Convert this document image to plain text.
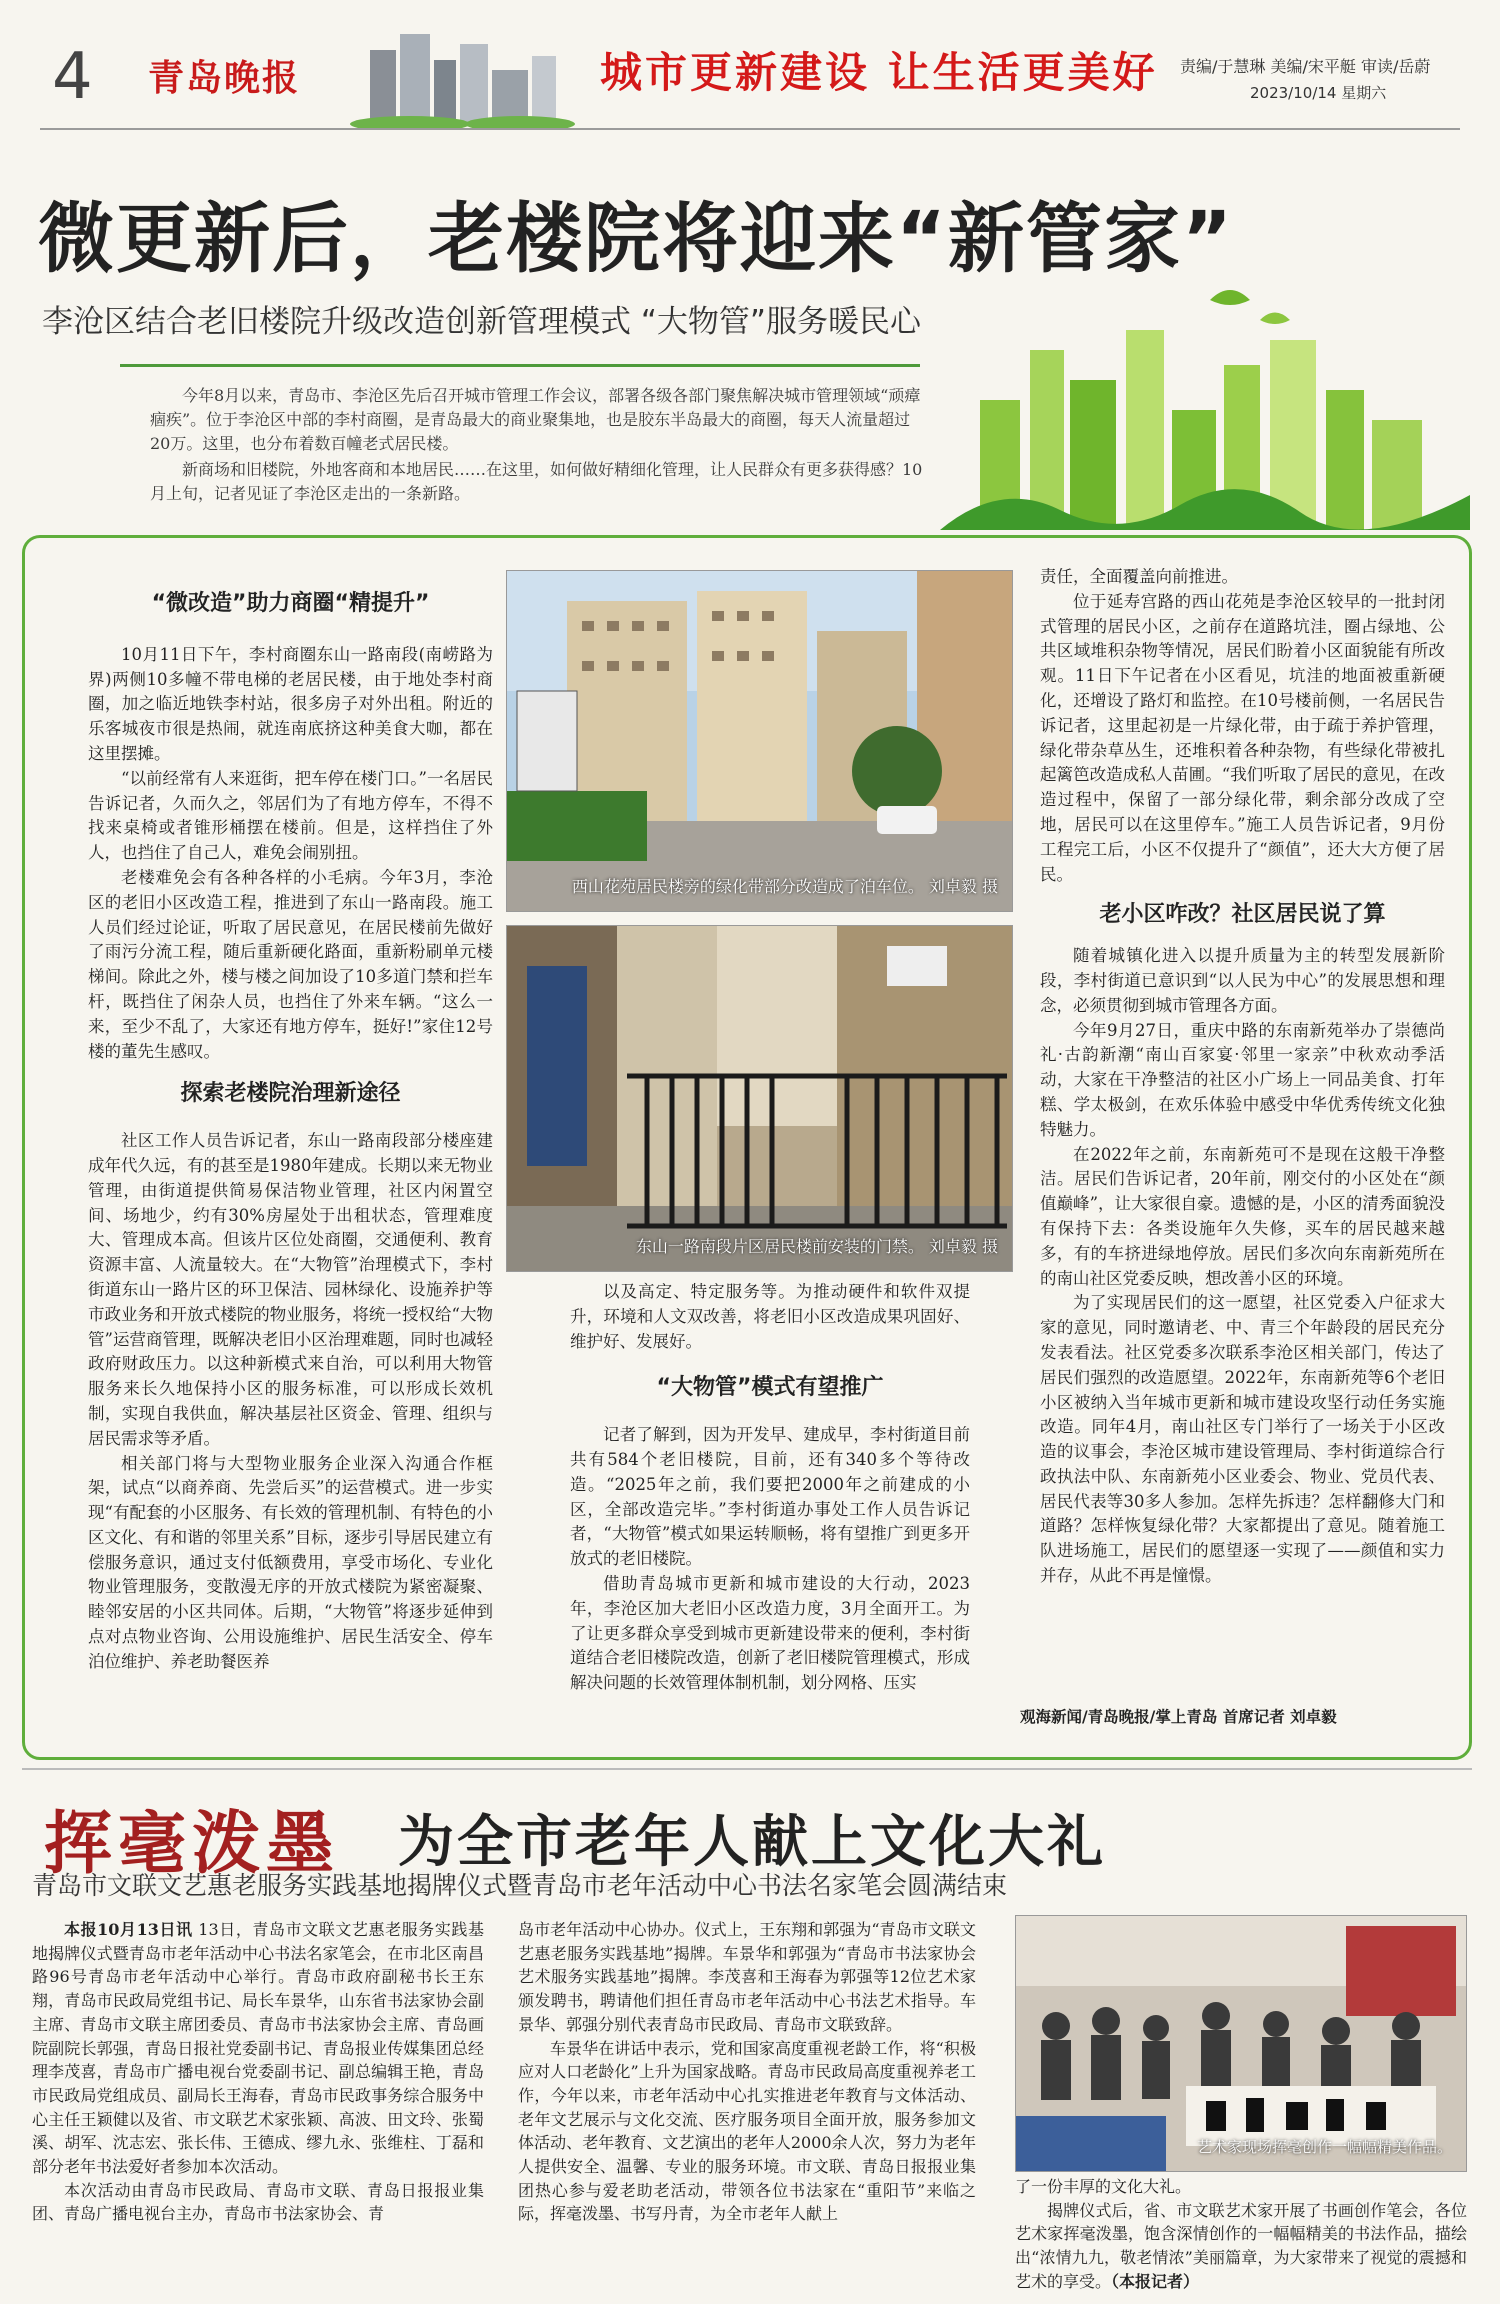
4 青岛晚报	城市更新建设 让生活更美好 责编/于慧琳 美编/宋平艇 审读/岳蔚
2023/10/14 星期六
微更新后，老楼院将迎来“新管家”
李沧区结合老旧楼院升级改造创新管理模式 “大物管”服务暖民心
今年8月以来，青岛市、李沧区先后召开城市管理工作会议，部署各级各部门聚焦解决城市管理领域“顽瘴痼疾”。位于李沧区中部的李村商圈，是青岛最大的商业聚集地，也是胶东半岛最大的商圈，每天人流量超过20万。这里，也分布着数百幢老式居民楼。
新商场和旧楼院，外地客商和本地居民……在这里，如何做好精细化管理，让人民群众有更多获得感？10月上旬，记者见证了李沧区走出的一条新路。
“微改造”助力商圈“精提升”

10月11日下午，李村商圈东山一路南段(南崂路为界)两侧10多幢不带电梯的老居民楼，由于地处李村商圈，加之临近地铁李村站，很多房子对外出租。附近的乐客城夜市很是热闹，就连南底挤这种美食大咖，都在这里摆摊。

“以前经常有人来逛街，把车停在楼门口。”一名居民告诉记者，久而久之，邻居们为了有地方停车，不得不找来桌椅或者锥形桶摆在楼前。但是，这样挡住了外人，也挡住了自己人，难免会闹别扭。

老楼难免会有各种各样的小毛病。今年3月，李沧区的老旧小区改造工程，推进到了东山一路南段。施工人员们经过论证，听取了居民意见，在居民楼前先做好了雨污分流工程，随后重新硬化路面，重新粉刷单元楼梯间。除此之外，楼与楼之间加设了10多道门禁和拦车杆，既挡住了闲杂人员，也挡住了外来车辆。“这么一来，至少不乱了，大家还有地方停车，挺好!”家住12号楼的董先生感叹。

探索老楼院治理新途径

社区工作人员告诉记者，东山一路南段部分楼座建成年代久远，有的甚至是1980年建成。长期以来无物业管理，由街道提供简易保洁物业管理，社区内闲置空间、场地少，约有30%房屋处于出租状态，管理难度大、管理成本高。但该片区位处商圈，交通便利、教育资源丰富、人流量较大。在“大物管”治理模式下，李村街道东山一路片区的环卫保洁、园林绿化、设施养护等市政业务和开放式楼院的物业服务，将统一授权给“大物管”运营商管理，既解决老旧小区治理难题，同时也减轻政府财政压力。以这种新模式来自治，可以利用大物管服务来长久地保持小区的服务标准，可以形成长效机制，实现自我供血，解决基层社区资金、管理、组织与居民需求等矛盾。

相关部门将与大型物业服务企业深入沟通合作框架，试点“以商养商、先尝后买”的运营模式。进一步实现“有配套的小区服务、有长效的管理机制、有特色的小区文化、有和谐的邻里关系”目标，逐步引导居民建立有偿服务意识，通过支付低额费用，享受市场化、专业化物业管理服务，变散漫无序的开放式楼院为紧密凝聚、睦邻安居的小区共同体。后期，“大物管”将逐步延伸到点对点物业咨询、公用设施维护、居民生活安全、停车泊位维护、养老助餐医养

西山花苑居民楼旁的绿化带部分改造成了泊车位。 刘卓毅 摄
东山一路南段片区居民楼前安装的门禁。 刘卓毅 摄

以及高定、特定服务等。为推动硬件和软件双提升，环境和人文双改善，将老旧小区改造成果巩固好、维护好、发展好。

“大物管”模式有望推广

记者了解到，因为开发早、建成早，李村街道目前共有584个老旧楼院，目前，还有340多个等待改造。“2025年之前，我们要把2000年之前建成的小区，全部改造完毕。”李村街道办事处工作人员告诉记者，“大物管”模式如果运转顺畅，将有望推广到更多开放式的老旧楼院。

借助青岛城市更新和城市建设的大行动，2023年，李沧区加大老旧小区改造力度，3月全面开工。为了让更多群众享受到城市更新建设带来的便利，李村街道结合老旧楼院改造，创新了老旧楼院管理模式，形成解决问题的长效管理体制机制，划分网格、压实

责任，全面覆盖向前推进。

位于延寿宫路的西山花苑是李沧区较早的一批封闭式管理的居民小区，之前存在道路坑洼，圈占绿地、公共区域堆积杂物等情况，居民们盼着小区面貌能有所改观。11日下午记者在小区看见，坑洼的地面被重新硬化，还增设了路灯和监控。在10号楼前侧，一名居民告诉记者，这里起初是一片绿化带，由于疏于养护管理，绿化带杂草丛生，还堆积着各种杂物，有些绿化带被扎起篱笆改造成私人苗圃。“我们听取了居民的意见，在改造过程中，保留了一部分绿化带，剩余部分改成了空地，居民可以在这里停车。”施工人员告诉记者，9月份工程完工后，小区不仅提升了“颜值”，还大大方便了居民。

老小区咋改？社区居民说了算

随着城镇化进入以提升质量为主的转型发展新阶段，李村街道已意识到“以人民为中心”的发展思想和理念，必须贯彻到城市管理各方面。

今年9月27日，重庆中路的东南新苑举办了崇德尚礼·古韵新潮“南山百家宴·邻里一家亲”中秋欢动季活动，大家在干净整洁的社区小广场上一同品美食、打年糕、学太极剑，在欢乐体验中感受中华优秀传统文化独特魅力。

在2022年之前，东南新苑可不是现在这般干净整洁。居民们告诉记者，20年前，刚交付的小区处在“颜值巅峰”，让大家很自豪。遗憾的是，小区的清秀面貌没有保持下去：各类设施年久失修，买车的居民越来越多，有的车挤进绿地停放。居民们多次向东南新苑所在的南山社区党委反映，想改善小区的环境。

为了实现居民们的这一愿望，社区党委入户征求大家的意见，同时邀请老、中、青三个年龄段的居民充分发表看法。社区党委多次联系李沧区相关部门，传达了居民们强烈的改造愿望。2022年，东南新苑等6个老旧小区被纳入当年城市更新和城市建设攻坚行动任务实施改造。同年4月，南山社区专门举行了一场关于小区改造的议事会，李沧区城市建设管理局、李村街道综合行政执法中队、东南新苑小区业委会、物业、党员代表、居民代表等30多人参加。怎样先拆违？怎样翻修大门和道路？怎样恢复绿化带？大家都提出了意见。随着施工队进场施工，居民们的愿望逐一实现了——颜值和实力并存，从此不再是憧憬。

观海新闻/青岛晚报/掌上青岛 首席记者 刘卓毅
挥毫泼墨 为全市老年人献上文化大礼
青岛市文联文艺惠老服务实践基地揭牌仪式暨青岛市老年活动中心书法名家笔会圆满结束

本报10月13日讯 13日，青岛市文联文艺惠老服务实践基地揭牌仪式暨青岛市老年活动中心书法名家笔会，在市北区南昌路96号青岛市老年活动中心举行。青岛市政府副秘书长王东翔，青岛市民政局党组书记、局长车景华，山东省书法家协会副主席、青岛市文联主席团委员、青岛市书法家协会主席、青岛画院副院长郭强，青岛日报社党委副书记、青岛报业传媒集团总经理李茂喜，青岛市广播电视台党委副书记、副总编辑王艳，青岛市民政局党组成员、副局长王海春，青岛市民政事务综合服务中心主任王颖健以及省、市文联艺术家张颖、高波、田文玲、张蜀溪、胡军、沈志宏、张长伟、王德成、缪九永、张维柱、丁磊和部分老年书法爱好者参加本次活动。

本次活动由青岛市民政局、青岛市文联、青岛日报报业集团、青岛广播电视台主办，青岛市书法家协会、青

岛市老年活动中心协办。仪式上，王东翔和郭强为“青岛市文联文艺惠老服务实践基地”揭牌。车景华和郭强为“青岛市书法家协会艺术服务实践基地”揭牌。李茂喜和王海春为郭强等12位艺术家颁发聘书，聘请他们担任青岛市老年活动中心书法艺术指导。车景华、郭强分别代表青岛市民政局、青岛市文联致辞。

车景华在讲话中表示，党和国家高度重视老龄工作，将“积极应对人口老龄化”上升为国家战略。青岛市民政局高度重视养老工作，今年以来，市老年活动中心扎实推进老年教育与文体活动、老年文艺展示与文化交流、医疗服务项目全面开放，服务参加文体活动、老年教育、文艺演出的老年人2000余人次，努力为老年人提供安全、温馨、专业的服务环境。市文联、青岛日报报业集团热心参与爱老助老活动，带领各位书法家在“重阳节”来临之际，挥毫泼墨、书写丹青，为全市老年人献上

艺术家现场挥毫创作一幅幅精美作品。

了一份丰厚的文化大礼。

揭牌仪式后，省、市文联艺术家开展了书画创作笔会，各位艺术家挥毫泼墨，饱含深情创作的一幅幅精美的书法作品，描绘出“浓情九九，敬老情浓”美丽篇章，为大家带来了视觉的震撼和艺术的享受。（本报记者）
